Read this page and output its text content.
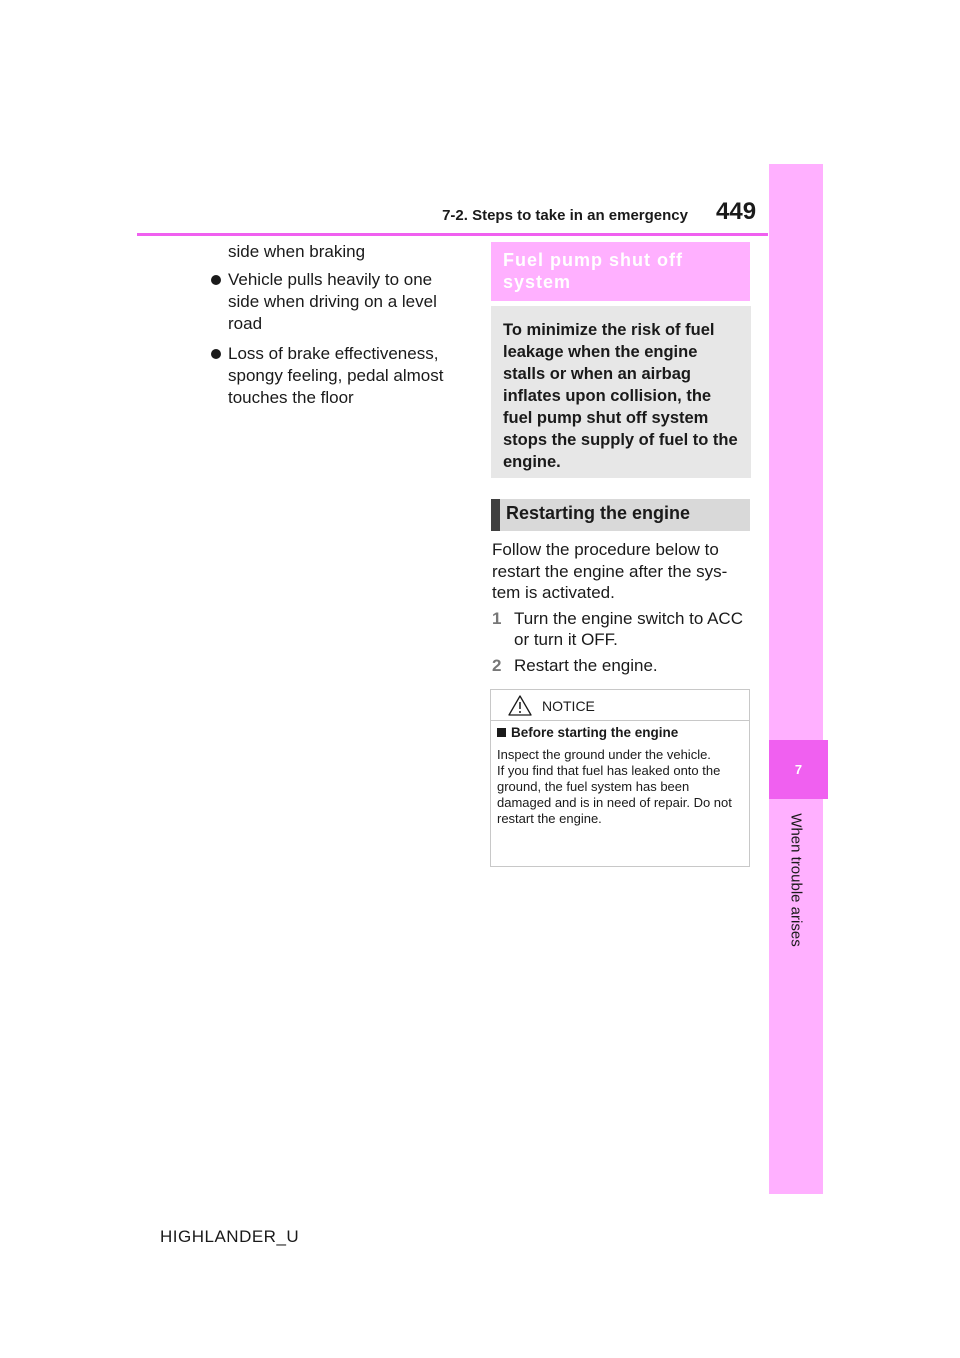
7
When trouble arises
7-2. Steps to take in an emergency 449

side when braking

Vehicle pulls heavily to one side when driving on a level road
Loss of brake effectiveness, spongy feeling, pedal almost touches the floor
Fuel pump shut off system
To minimize the risk of fuel leakage when the engine stalls or when an airbag inflates upon collision, the fuel pump shut off system stops the supply of fuel to the engine.
Restarting the engine
Follow the procedure below to restart the engine after the sys-tem is activated.
1 Turn the engine switch to ACC or turn it OFF.
2 Restart the engine.
NOTICE
Before starting the engine

Inspect the ground under the vehicle.

If you find that fuel has leaked onto the ground, the fuel system has been damaged and is in need of repair. Do not restart the engine.

HIGHLANDER_U
